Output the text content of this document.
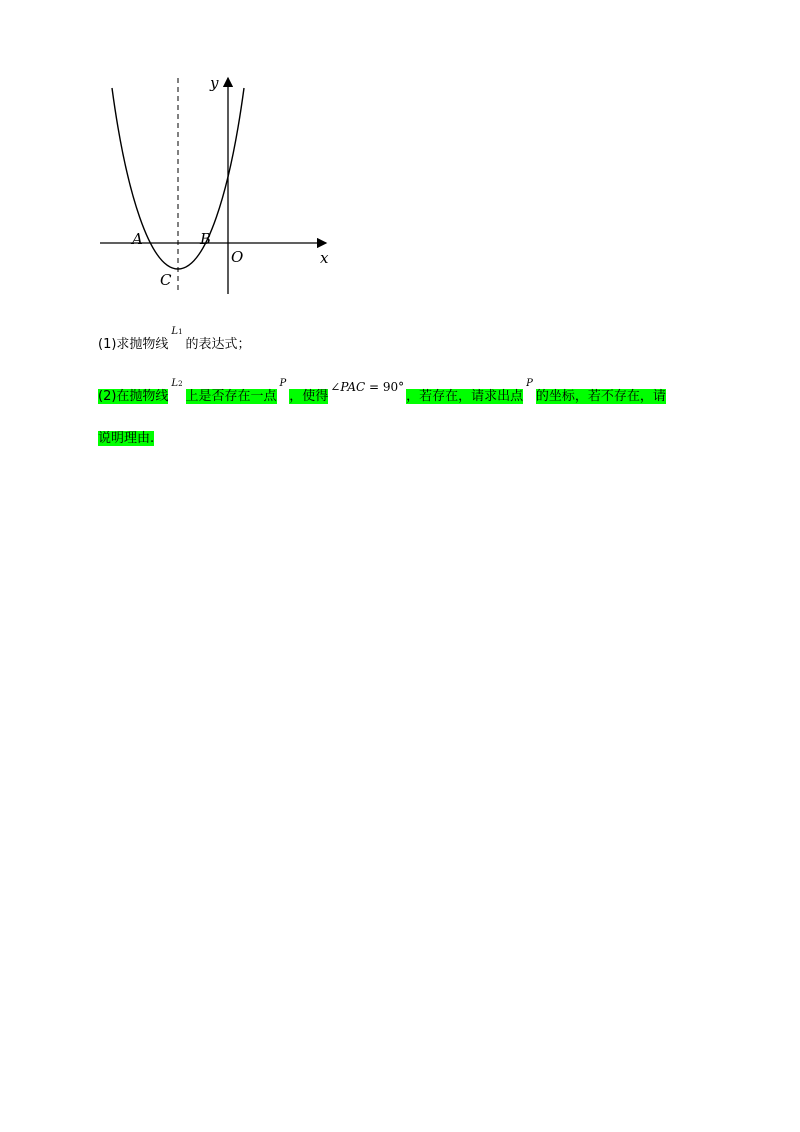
y
x
A	B
O
C
(1)求抛物线L1的表达式；
(2)在抛物线L2上是否存在一点P，使得∠PAC = 90°，若存在，请求出点P的坐标，若不存在，请
说明理由.
